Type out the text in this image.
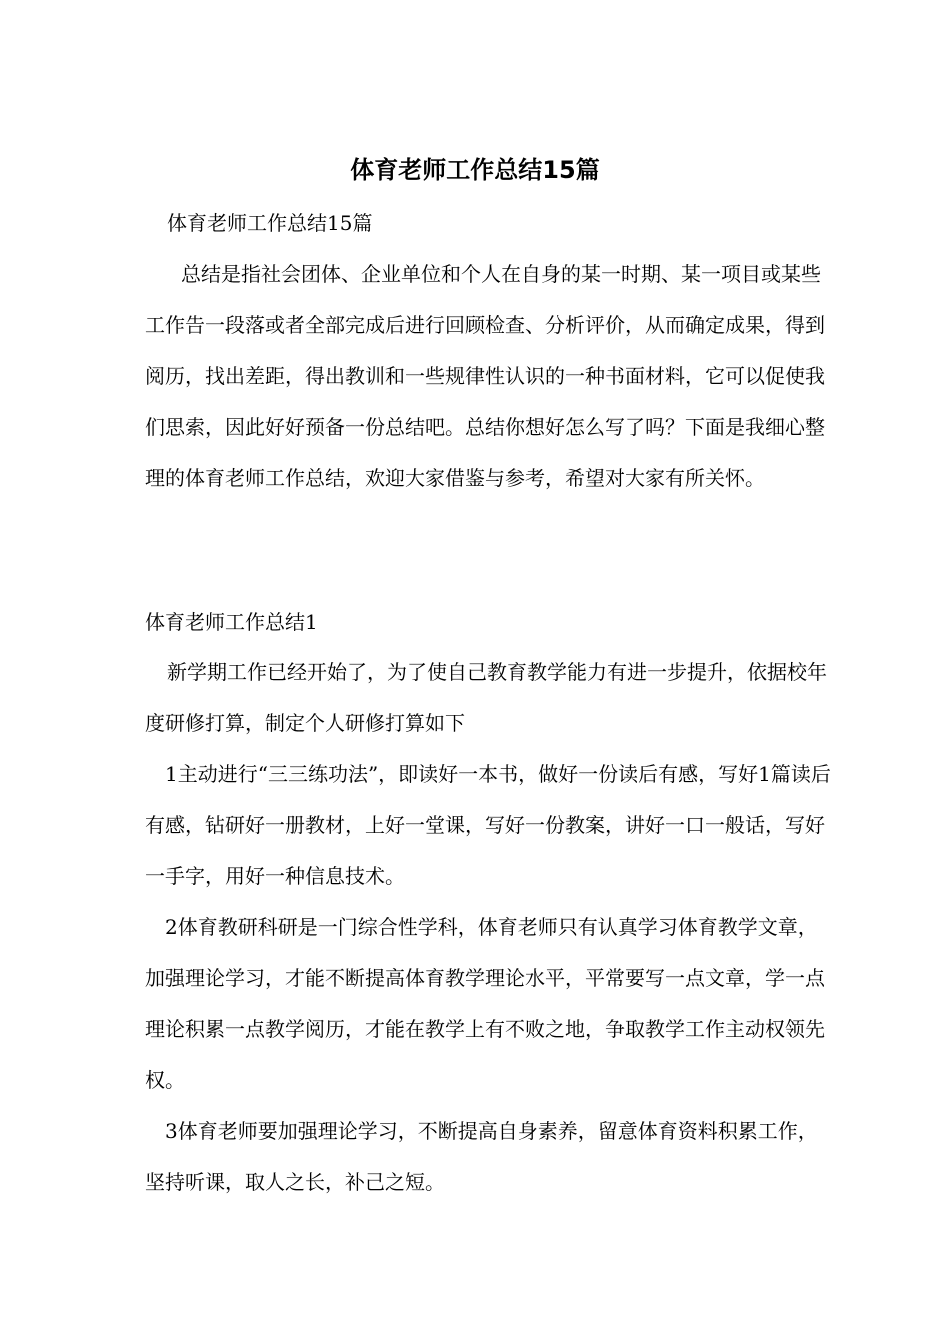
体育老师工作总结15篇

体育老师工作总结15篇

总结是指社会团体、企业单位和个人在自身的某一时期、某一项目或某些工作告一段落或者全部完成后进行回顾检查、分析评价，从而确定成果，得到阅历，找出差距，得出教训和一些规律性认识的一种书面材料，它可以促使我们思索，因此好好预备一份总结吧。总结你想好怎么写了吗？下面是我细心整理的体育老师工作总结，欢迎大家借鉴与参考，希望对大家有所关怀。

体育老师工作总结1

新学期工作已经开始了，为了使自己教育教学能力有进一步提升，依据校年度研修打算，制定个人研修打算如下

1主动进行“三三练功法”，即读好一本书，做好一份读后有感，写好1篇读后有感，钻研好一册教材，上好一堂课，写好一份教案，讲好一口一般话，写好一手字，用好一种信息技术。

2体育教研科研是一门综合性学科，体育老师只有认真学习体育教学文章，加强理论学习，才能不断提高体育教学理论水平，平常要写一点文章，学一点理论积累一点教学阅历，才能在教学上有不败之地，争取教学工作主动权领先权。

3体育老师要加强理论学习，不断提高自身素养，留意体育资料积累工作，坚持听课，取人之长，补己之短。
